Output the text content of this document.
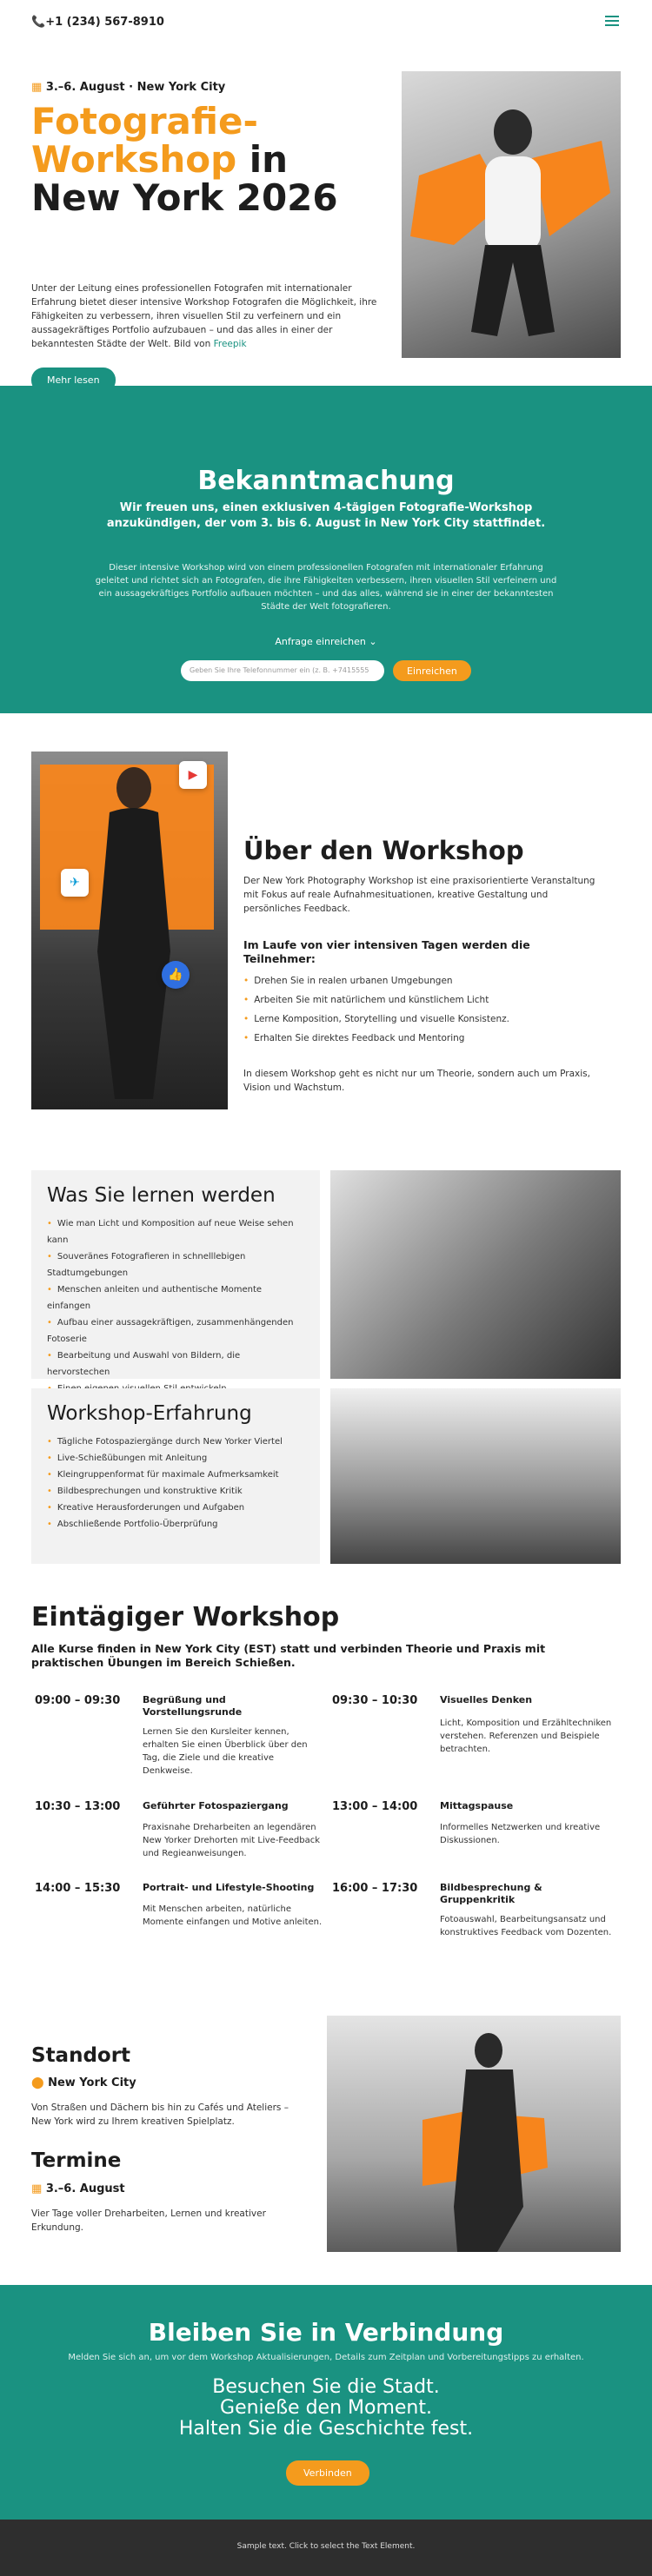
📞+1 (234) 567-8910
▦ 3.–6. August · New York City
Fotografie-Workshop in
New York 2026
Unter der Leitung eines professionellen Fotografen mit internationaler Erfahrung bietet dieser intensive Workshop Fotografen die Möglichkeit, ihre Fähigkeiten zu verbessern, ihren visuellen Stil zu verfeinern und ein aussagekräftiges Portfolio aufzubauen – und das alles in einer der bekanntesten Städte der Welt. Bild von Freepik
Mehr lesen
Bekanntmachung
Wir freuen uns, einen exklusiven 4-tägigen Fotografie-Workshop anzukündigen, der vom 3. bis 6. August in New York City stattfindet.
Dieser intensive Workshop wird von einem professionellen Fotografen mit internationaler Erfahrung geleitet und richtet sich an Fotografen, die ihre Fähigkeiten verbessern, ihren visuellen Stil verfeinern und ein aussagekräftiges Portfolio aufbauen möchten – und das alles, während sie in einer der bekanntesten Städte der Welt fotografieren.
Anfrage einreichen ⌄
Geben Sie Ihre Telefonnummer ein (z. B. +7415555	Einreichen
▶
✈
👍
Über den Workshop
Der New York Photography Workshop ist eine praxisorientierte Veranstaltung mit Fokus auf reale Aufnahmesituationen, kreative Gestaltung und persönliches Feedback.
Im Laufe von vier intensiven Tagen werden die Teilnehmer:
• Drehen Sie in realen urbanen Umgebungen
• Arbeiten Sie mit natürlichem und künstlichem Licht
• Lerne Komposition, Storytelling und visuelle Konsistenz.
• Erhalten Sie direktes Feedback und Mentoring
In diesem Workshop geht es nicht nur um Theorie, sondern auch um Praxis, Vision und Wachstum.
Was Sie lernen werden
• Wie man Licht und Komposition auf neue Weise sehen kann
• Souveränes Fotografieren in schnelllebigen Stadtumgebungen
• Menschen anleiten und authentische Momente einfangen
• Aufbau einer aussagekräftigen, zusammenhängenden Fotoserie
• Bearbeitung und Auswahl von Bildern, die hervorstechen
•
Workshop-Erfahrung
• Tägliche Fotospaziergänge durch New Yorker Viertel
• Live-Schießübungen mit Anleitung
• Kleingruppenformat für maximale Aufmerksamkeit
• Bildbesprechungen und konstruktive Kritik
• Kreative Herausforderungen und Aufgaben
• Abschließende Portfolio-Überprüfung
Eintägiger Workshop
Alle Kurse finden in New York City (EST) statt und verbinden Theorie und Praxis mit praktischen Übungen im Bereich Schießen.
09:00 – 09:30	Begrüßung und Vorstellungsrunde
Lernen Sie den Kursleiter kennen, erhalten Sie einen Überblick über den Tag, die Ziele und die kreative Denkweise.
09:30 – 10:30	Visuelles Denken
Licht, Komposition und Erzähltechniken verstehen. Referenzen und Beispiele betrachten.
10:30 – 13:00	Geführter Fotospaziergang
Praxisnahe Dreharbeiten an legendären New Yorker Drehorten mit Live-Feedback und Regieanweisungen.
13:00 – 14:00	Mittagspause
Informelles Netzwerken und kreative Diskussionen.
14:00 – 15:30	Portrait- und Lifestyle-Shooting
Mit Menschen arbeiten, natürliche Momente einfangen und Motive anleiten.
16:00 – 17:30	Bildbesprechung & Gruppenkritik
Fotoauswahl, Bearbeitungsansatz und konstruktives Feedback vom Dozenten.
Standort
⬤ New York City
Von Straßen und Dächern bis hin zu Cafés und Ateliers – New York wird zu Ihrem kreativen Spielplatz.
Termine
▦ 3.–6. August
Vier Tage voller Dreharbeiten, Lernen und kreativer Erkundung.
Bleiben Sie in Verbindung
Melden Sie sich an, um vor dem Workshop Aktualisierungen, Details zum Zeitplan und Vorbereitungstipps zu erhalten.
Besuchen Sie die Stadt.
Genieße den Moment.
Halten Sie die Geschichte fest.
Verbinden
Sample text. Click to select the Text Element.
